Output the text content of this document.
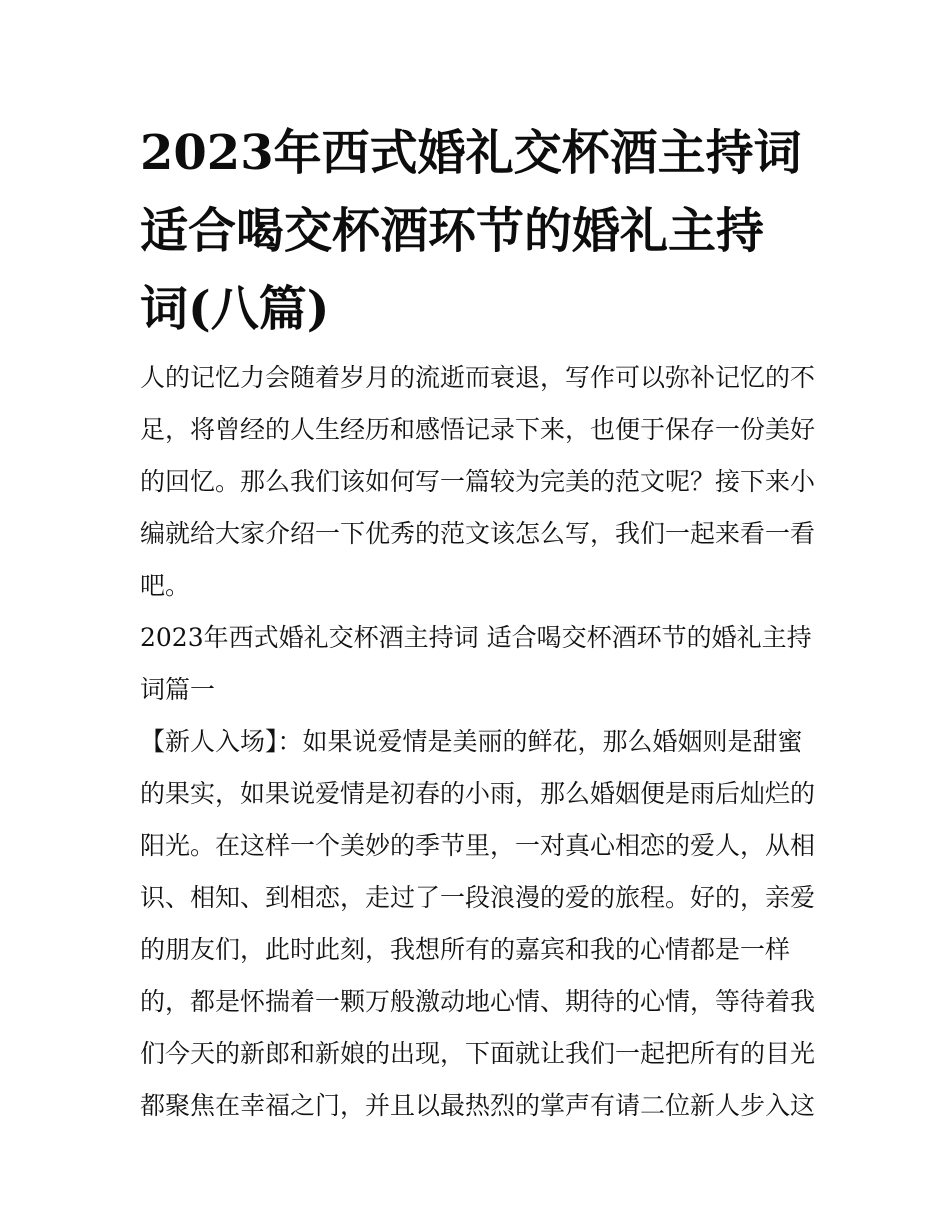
2023年西式婚礼交杯酒主持词
适合喝交杯酒环节的婚礼主持
词(八篇)
人的记忆力会随着岁月的流逝而衰退，写作可以弥补记忆的不
足，将曾经的人生经历和感悟记录下来，也便于保存一份美好
的回忆。那么我们该如何写一篇较为完美的范文呢？接下来小
编就给大家介绍一下优秀的范文该怎么写，我们一起来看一看
吧。
2023年西式婚礼交杯酒主持词 适合喝交杯酒环节的婚礼主持
词篇一
【新人入场】：如果说爱情是美丽的鲜花，那么婚姻则是甜蜜
的果实，如果说爱情是初春的小雨，那么婚姻便是雨后灿烂的
阳光。在这样一个美妙的季节里，一对真心相恋的爱人，从相
识、相知、到相恋，走过了一段浪漫的爱的旅程。好的，亲爱
的朋友们，此时此刻，我想所有的嘉宾和我的心情都是一样
的，都是怀揣着一颗万般激动地心情、期待的心情，等待着我
们今天的新郎和新娘的出现，下面就让我们一起把所有的目光
都聚焦在幸福之门，并且以最热烈的掌声有请二位新人步入这
